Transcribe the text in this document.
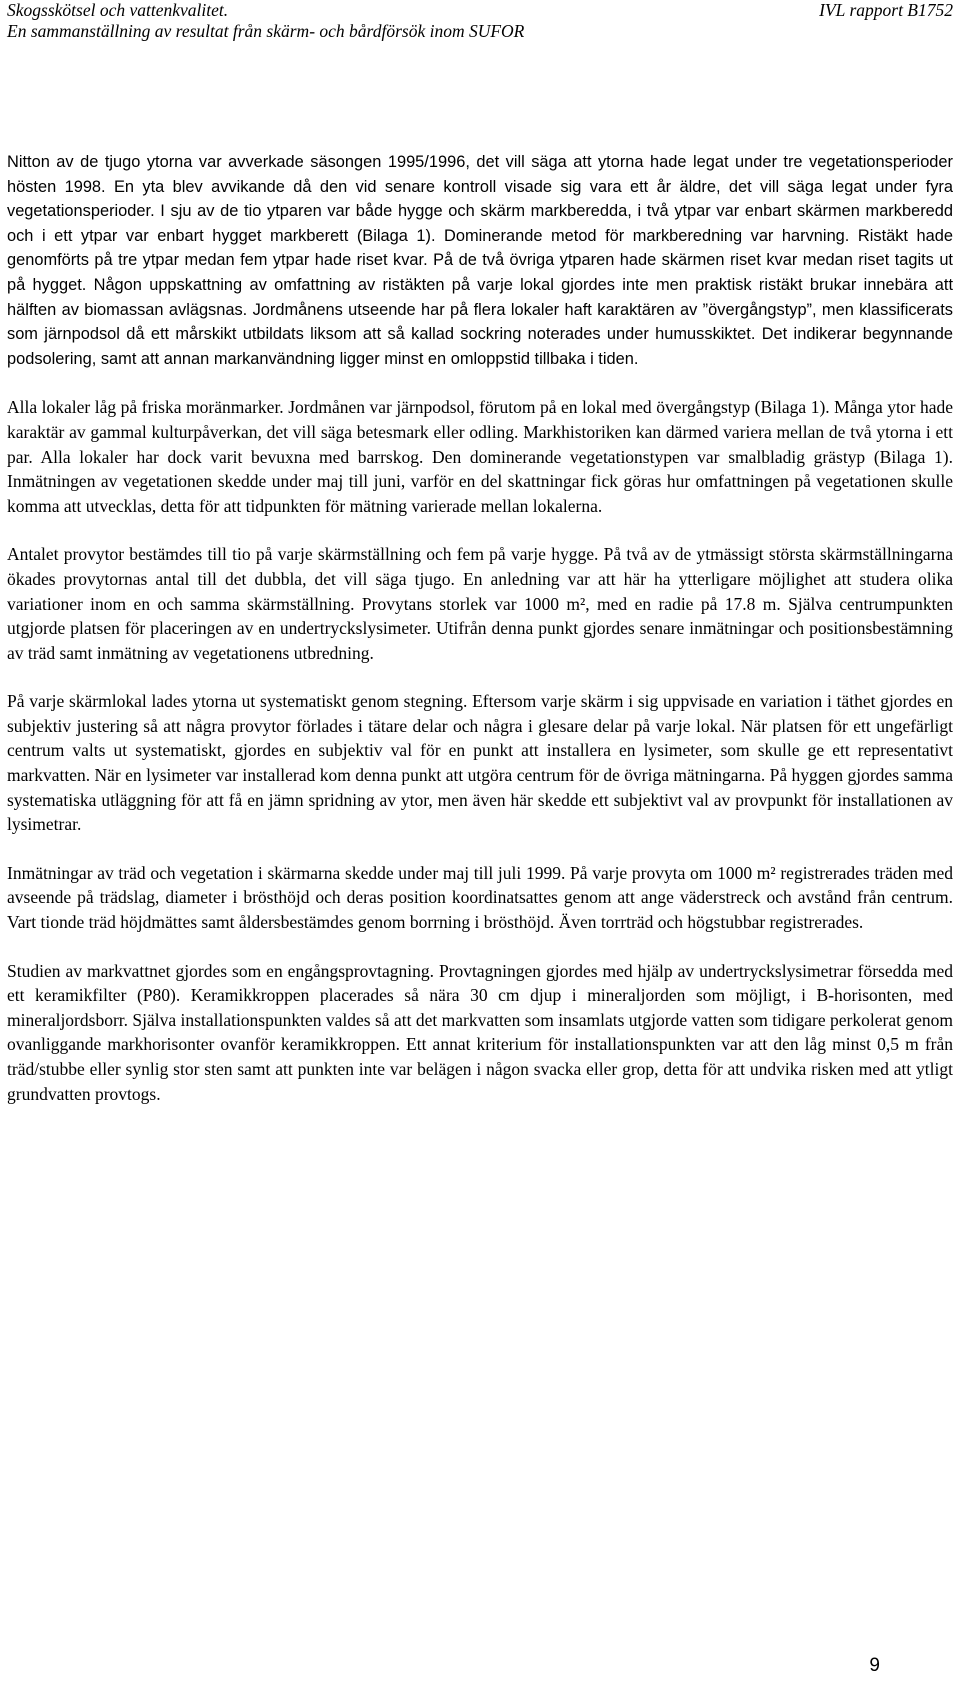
Skogsskötsel och vattenkvalitet.	IVL rapport B1752
En sammanställning av resultat från skärm- och bårdförsök inom SUFOR

Nitton av de tjugo ytorna var avverkade säsongen 1995/1996, det vill säga att ytorna hade legat under tre vegetationsperioder hösten 1998. En yta blev avvikande då den vid senare kontroll visade sig vara ett år äldre, det vill säga legat under fyra vegetationsperioder. I sju av de tio ytparen var både hygge och skärm markberedda, i två ytpar var enbart skärmen markberedd och i ett ytpar var enbart hygget markberett (Bilaga 1). Dominerande metod för markberedning var harvning. Ristäkt hade genomförts på tre ytpar medan fem ytpar hade riset kvar. På de två övriga ytparen hade skärmen riset kvar medan riset tagits ut på hygget. Någon uppskattning av omfattning av ristäkten på varje lokal gjordes inte men praktisk ristäkt brukar innebära att hälften av biomassan avlägsnas. Jordmånens utseende har på flera lokaler haft karaktären av ”övergångstyp”, men klassificerats som järnpodsol då ett mårskikt utbildats liksom att så kallad sockring noterades under humusskiktet. Det indikerar begynnande podsolering, samt att annan markanvändning ligger minst en omloppstid tillbaka i tiden.

Alla lokaler låg på friska moränmarker. Jordmånen var järnpodsol, förutom på en lokal med övergångstyp (Bilaga 1). Många ytor hade karaktär av gammal kulturpåverkan, det vill säga betesmark eller odling. Markhistoriken kan därmed variera mellan de två ytorna i ett par. Alla lokaler har dock varit bevuxna med barrskog. Den dominerande vegetationstypen var smalbladig grästyp (Bilaga 1). Inmätningen av vegetationen skedde under maj till juni, varför en del skattningar fick göras hur omfattningen på vegetationen skulle komma att utvecklas, detta för att tidpunkten för mätning varierade mellan lokalerna.

Antalet provytor bestämdes till tio på varje skärmställning och fem på varje hygge. På två av de ytmässigt största skärmställningarna ökades provytornas antal till det dubbla, det vill säga tjugo. En anledning var att här ha ytterligare möjlighet att studera olika variationer inom en och samma skärmställning. Provytans storlek var 1000 m², med en radie på 17.8 m. Själva centrumpunkten utgjorde platsen för placeringen av en undertryckslysimeter. Utifrån denna punkt gjordes senare inmätningar och positionsbestämning av träd samt inmätning av vegetationens utbredning.

På varje skärmlokal lades ytorna ut systematiskt genom stegning. Eftersom varje skärm i sig uppvisade en variation i täthet gjordes en subjektiv justering så att några provytor förlades i tätare delar och några i glesare delar på varje lokal. När platsen för ett ungefärligt centrum valts ut systematiskt, gjordes en subjektiv val för en punkt att installera en lysimeter, som skulle ge ett representativt markvatten. När en lysimeter var installerad kom denna punkt att utgöra centrum för de övriga mätningarna. På hyggen gjordes samma systematiska utläggning för att få en jämn spridning av ytor, men även här skedde ett subjektivt val av provpunkt för installationen av lysimetrar.

Inmätningar av träd och vegetation i skärmarna skedde under maj till juli 1999. På varje provyta om 1000 m² registrerades träden med avseende på trädslag, diameter i brösthöjd och deras position koordinatsattes genom att ange väderstreck och avstånd från centrum. Vart tionde träd höjdmättes samt åldersbestämdes genom borrning i brösthöjd. Även torrträd och högstubbar registrerades.

Studien av markvattnet gjordes som en engångsprovtagning. Provtagningen gjordes med hjälp av undertryckslysimetrar försedda med ett keramikfilter (P80). Keramikkroppen placerades så nära 30 cm djup i mineraljorden som möjligt, i B-horisonten, med mineraljordsborr. Själva installationspunkten valdes så att det markvatten som insamlats utgjorde vatten som tidigare perkolerat genom ovanliggande markhorisonter ovanför keramikkroppen. Ett annat kriterium för installationspunkten var att den låg minst 0,5 m från träd/stubbe eller synlig stor sten samt att punkten inte var belägen i någon svacka eller grop, detta för att undvika risken med att ytligt grundvatten provtogs.

9
